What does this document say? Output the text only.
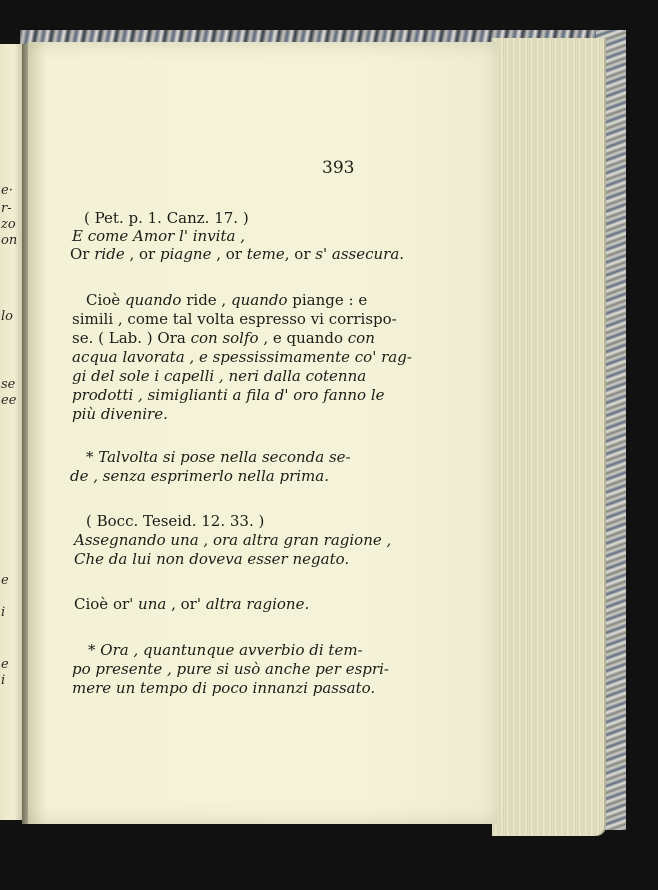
e·
r-
zo
on
lo
se
ee
e
i
e
i
393
( Pet. p. 1. Canz. 17. )
E come Amor l' invita ,
Or ride , or piagne , or teme, or s' assecura.
Cioè quando ride , quando piange : e
simili , come tal volta espresso vi corrispo-
se. ( Lab. ) Ora con solfo , e quando con
acqua lavorata , e spessissimamente co' rag-
gi del sole i capelli , neri dalla cotenna
prodotti , simiglianti a fila d' oro fanno le
più divenire.
* Talvolta si pose nella seconda se-
de , senza esprimerlo nella prima.
( Bocc. Teseid. 12. 33. )
Assegnando una , ora altra gran ragione ,
Che da lui non doveva esser negato.
Cioè or' una , or' altra ragione.
* Ora , quantunque avverbio di tem-
po presente , pure si usò anche per espri-
mere un tempo di poco innanzi passato.
